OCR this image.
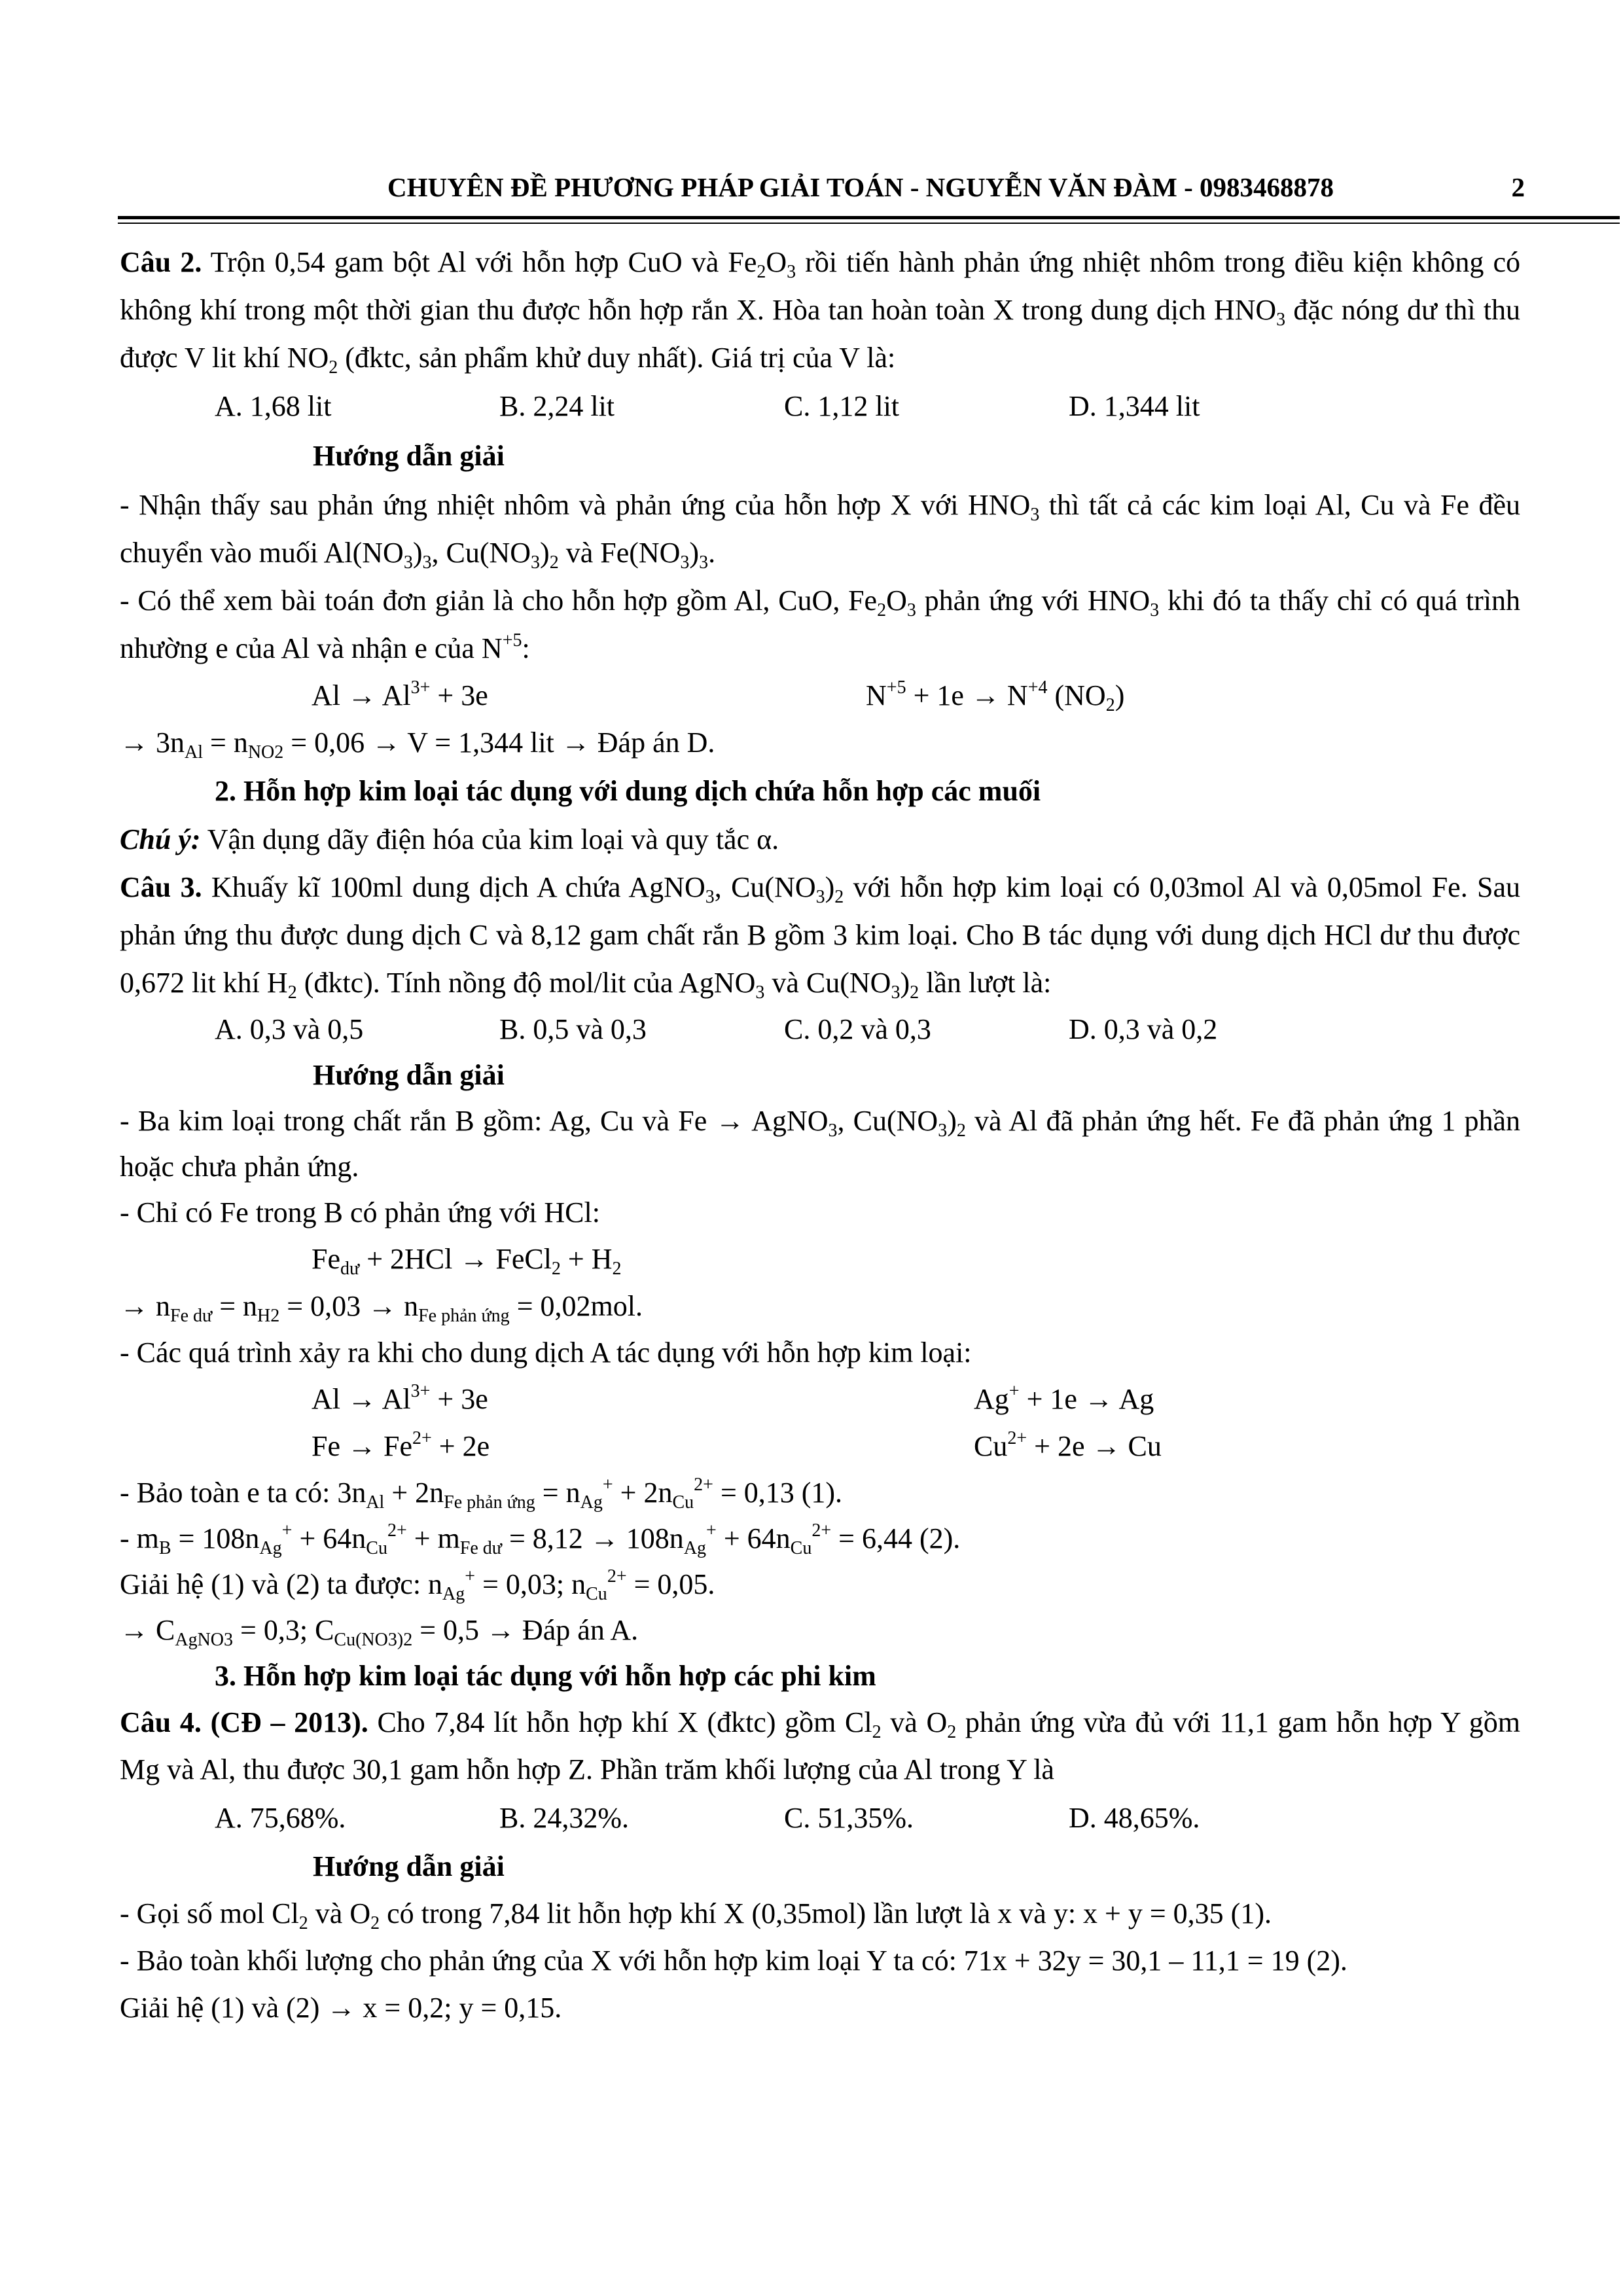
CHUYÊN ĐỀ PHƯƠNG PHÁP GIẢI TOÁN - NGUYỄN VĂN ĐÀM - 0983468878	2

Câu 2. Trộn 0,54 gam bột Al với hỗn hợp CuO và $Fe_2O_3$ rồi tiến hành phản ứng nhiệt nhôm trong điều kiện không có không khí trong một thời gian thu được hỗn hợp rắn X. Hòa tan hoàn toàn X trong dung dịch $HNO_3$ đặc nóng dư thì thu được V lit khí $NO_2$ (đktc, sản phẩm khử duy nhất). Giá trị của V là:

A. 1,68 lit	B. 2,24 lit	C. 1,12 lit	D. 1,344 lit
Hướng dẫn giải

- Nhận thấy sau phản ứng nhiệt nhôm và phản ứng của hỗn hợp X với $HNO_3$ thì tất cả các kim loại Al, Cu và Fe đều chuyển vào muối $Al(NO_3)_3$, $Cu(NO_3)_2$ và $Fe(NO_3)_3$.

- Có thể xem bài toán đơn giản là cho hỗn hợp gồm Al, CuO, $Fe_2O_3$ phản ứng với $HNO_3$ khi đó ta thấy chỉ có quá trình nhường e của Al và nhận e của $N^{+5}$:

$Al \to Al^{3+} + 3e$	$N^{+5} + 1e \to N^{+4}$ $(NO_2)$
→ $3n_{Al} = n_{NO2} = 0,06 \to V = 1,344$ lit → Đáp án D.
2. Hỗn hợp kim loại tác dụng với dung dịch chứa hỗn hợp các muối
Chú ý: Vận dụng dãy điện hóa của kim loại và quy tắc α.

Câu 3. Khuấy kĩ 100ml dung dịch A chứa AgNO$_3$, $Cu(NO_3)_2$ với hỗn hợp kim loại có 0,03mol Al và 0,05mol Fe. Sau phản ứng thu được dung dịch C và 8,12 gam chất rắn B gồm 3 kim loại. Cho B tác dụng với dung dịch HCl dư thu được 0,672 lit khí $H_2$ (đktc). Tính nồng độ mol/lit của AgNO$_3$ và $Cu(NO_3)_2$ lần lượt là:

A. 0,3 và 0,5	B. 0,5 và 0,3	C. 0,2 và 0,3	D. 0,3 và 0,2
Hướng dẫn giải

- Ba kim loại trong chất rắn B gồm: Ag, Cu và Fe → AgNO$_3$, $Cu(NO_3)_2$ và Al đã phản ứng hết. Fe đã phản ứng 1 phần hoặc chưa phản ứng.

- Chỉ có Fe trong B có phản ứng với HCl:
$Fe_{dư} + 2HCl$ → FeCl$_2$ + $H_2$
→ $n_{Fe dư} = n_{H2} = 0,03 \to n_{Fe phản ứng} = 0,02mol$.
- Các quá trình xảy ra khi cho dung dịch A tác dụng với hỗn hợp kim loại:
$Al \to Al^{3+} + 3e$	Ag+ + 1e → Ag
$Fe \to Fe^{2+} + 2e$	$Cu^{2+} + 2e \to Cu$
- Bảo toàn e ta có: $3n_{Al} + 2n_{Fe phản ứng} = n_{Ag}^+ + 2n_{Cu}^{2+} = 0,13$ (1).
- $m_B = 108n_{Ag}^+ + 64n_{Cu}^{2+} + m_{Fe dư} = 8,12 \to 108n_{Ag}^+ + 64n_{Cu}^{2+} = 6,44$ (2).
Giải hệ (1) và (2) ta được: $n_{Ag}^+ = 0,03$; $n_{Cu}^{2+} = 0,05$.
→ $C_{AgNO3} = 0,3$; $C_{Cu(NO3)2} = 0,5$ → Đáp án A.
3. Hỗn hợp kim loại tác dụng với hỗn hợp các phi kim

Câu 4. (CĐ – 2013). Cho 7,84 lít hỗn hợp khí X (đktc) gồm $Cl_2$ và $O_2$ phản ứng vừa đủ với 11,1 gam hỗn hợp Y gồm Mg và Al, thu được 30,1 gam hỗn hợp Z. Phần trăm khối lượng của Al trong Y là

A. 75,68%.	B. 24,32%.	C. 51,35%.	D. 48,65%.
Hướng dẫn giải
- Gọi số mol $Cl_2$ và $O_2$ có trong 7,84 lit hỗn hợp khí X (0,35mol) lần lượt là x và y: x + y = 0,35 (1).
- Bảo toàn khối lượng cho phản ứng của X với hỗn hợp kim loại Y ta có: 71x + 32y = 30,1 – 11,1 = 19 (2).
Giải hệ (1) và (2) → x = 0,2; y = 0,15.
